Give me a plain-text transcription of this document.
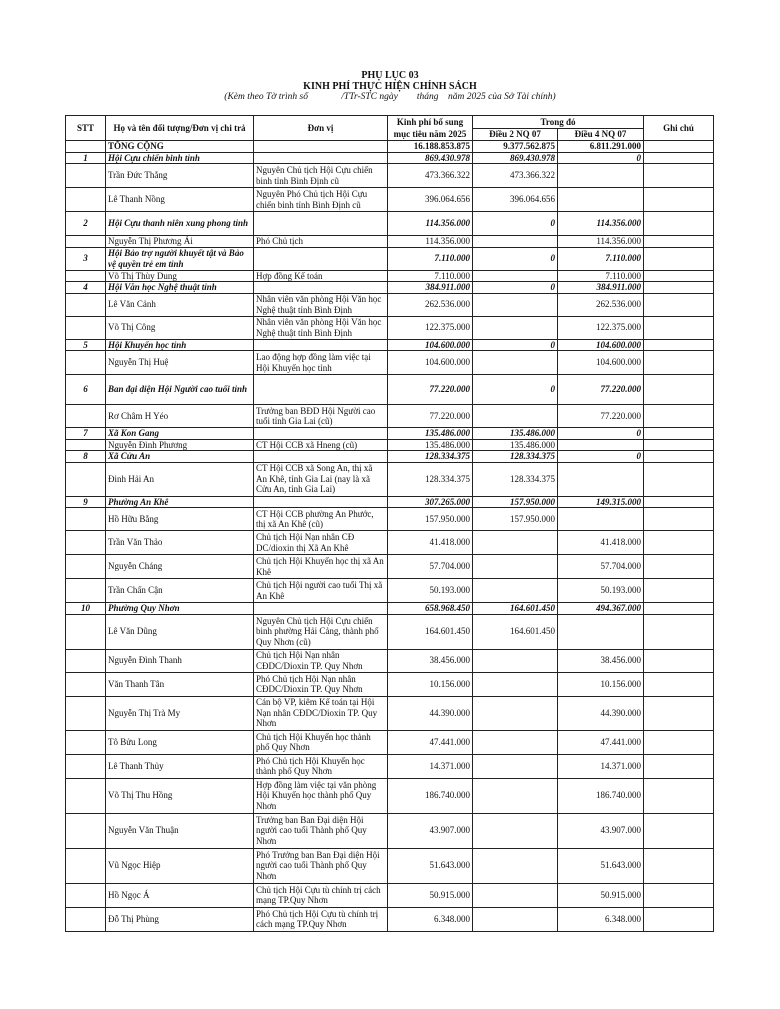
PHỤ LỤC 03
KINH PHÍ THỰC HIỆN CHÍNH SÁCH
(Kèm theo Tờ trình số	/TTr-STC ngày tháng năm 2025 của Sở Tài chính)
STT	Họ và tên đối tượng/Đơn vị chi trả	Đơn vị	Kinh phí bổ sung mục tiêu năm 2025	Trong đó		Ghi chú
				Điều 2 NQ 07	Điều 4 NQ 07	
	TỔNG CỘNG		16.188.853.875	9.377.562.875	6.811.291.000	
1	Hội Cựu chiến binh tỉnh		869.430.978	869.430.978	0	
	Trần Đức Thắng	Nguyên Chủ tịch Hội Cựu chiến binh tỉnh Bình Định cũ	473.366.322	473.366.322		
	Lê Thanh Nồng	Nguyên Phó Chủ tịch Hội Cựu chiến binh tỉnh Bình Định cũ	396.064.656	396.064.656		
2	Hội Cựu thanh niên xung phong tỉnh		114.356.000	0	114.356.000	
	Nguyễn Thị Phương Ái	Phó Chủ tịch	114.356.000		114.356.000	
3	Hội Bảo trợ người khuyết tật và Bảo vệ quyền trẻ em tỉnh		7.110.000	0	7.110.000	
	Võ Thị Thùy Dung	Hợp đồng Kế toán	7.110.000		7.110.000	
4	Hội Văn học Nghệ thuật tỉnh		384.911.000	0	384.911.000	
	Lê Văn Cảnh	Nhân viên văn phòng Hội Văn học Nghệ thuật tỉnh Bình Định	262.536.000		262.536.000	
	Võ Thị Công	Nhân viên văn phòng Hội Văn học Nghệ thuật tỉnh Bình Định	122.375.000		122.375.000	
5	Hội Khuyến học tỉnh		104.600.000	0	104.600.000	
	Nguyễn Thị Huệ	Lao động hợp đồng làm việc tại Hội Khuyến học tỉnh	104.600.000		104.600.000	
6	Ban đại diện Hội Người cao tuổi tỉnh		77.220.000	0	77.220.000	
	Rơ Châm H Yéo	Trưởng ban BĐD Hội Người cao tuổi tỉnh Gia Lai (cũ)	77.220.000		77.220.000	
7	Xã Kon Gang		135.486.000	135.486.000	0	
	Nguyễn Đình Phương	CT Hội CCB xã Hneng (cũ)	135.486.000	135.486.000		
8	Xã Cửu An		128.334.375	128.334.375	0	
	Đinh Hải An	CT Hội CCB xã Song An, thị xã An Khê, tỉnh Gia Lai (nay là xã Cửu An, tỉnh Gia Lai)	128.334.375	128.334.375		
9	Phường An Khê		307.265.000	157.950.000	149.315.000	
	Hồ Hữu Bằng	CT Hội CCB phường An Phước, thị xã An Khê (cũ)	157.950.000	157.950.000		
	Trần Văn Thảo	Chủ tịch Hội Nạn nhân CĐ DC/dioxin thị Xã An Khê	41.418.000		41.418.000	
	Nguyễn Cháng	Chủ tịch Hội Khuyến học thị xã An Khê	57.704.000		57.704.000	
	Trần Chấn Cận	Chủ tịch Hội người cao tuổi Thị xã An Khê	50.193.000		50.193.000	
10	Phường Quy Nhơn		658.968.450	164.601.450	494.367.000	
	Lê Văn Dũng	Nguyên Chủ tịch Hội Cựu chiến binh phường Hải Cảng, thành phố Quy Nhơn (cũ)	164.601.450	164.601.450		
	Nguyễn Đình Thanh	Chủ tịch Hội Nạn nhân CĐDC/Dioxin TP. Quy Nhơn	38.456.000		38.456.000	
	Văn Thanh Tân	Phó Chủ tịch Hội Nạn nhân CĐDC/Dioxin TP. Quy Nhơn	10.156.000		10.156.000	
	Nguyễn Thị Trà My	Cán bộ VP, kiêm Kế toán tại Hội Nạn nhân CĐDC/Dioxin TP. Quy Nhơn	44.390.000		44.390.000	
	Tô Bửu Long	Chủ tịch Hội Khuyến học thành phố Quy Nhơn	47.441.000		47.441.000	
	Lê Thanh Thủy	Phó Chủ tịch Hội Khuyến học thành phố Quy Nhơn	14.371.000		14.371.000	
	Võ Thị Thu Hồng	Hợp đồng làm việc tại văn phòng Hội Khuyến học thành phố Quy Nhơn	186.740.000		186.740.000	
	Nguyễn Văn Thuận	Trưởng ban Ban Đại diện Hội người cao tuổi Thành phố Quy Nhơn	43.907.000		43.907.000	
	Vũ Ngọc Hiệp	Phó Trưởng ban Ban Đại diện Hội người cao tuổi Thành phố Quy Nhơn	51.643.000		51.643.000	
	Hồ Ngọc Á	Chủ tịch Hội Cựu tù chính trị cách mạng TP.Quy Nhơn	50.915.000		50.915.000	
	Đỗ Thị Phùng	Phó Chủ tịch Hội Cựu tù chính trị cách mạng TP.Quy Nhơn	6.348.000		6.348.000	
